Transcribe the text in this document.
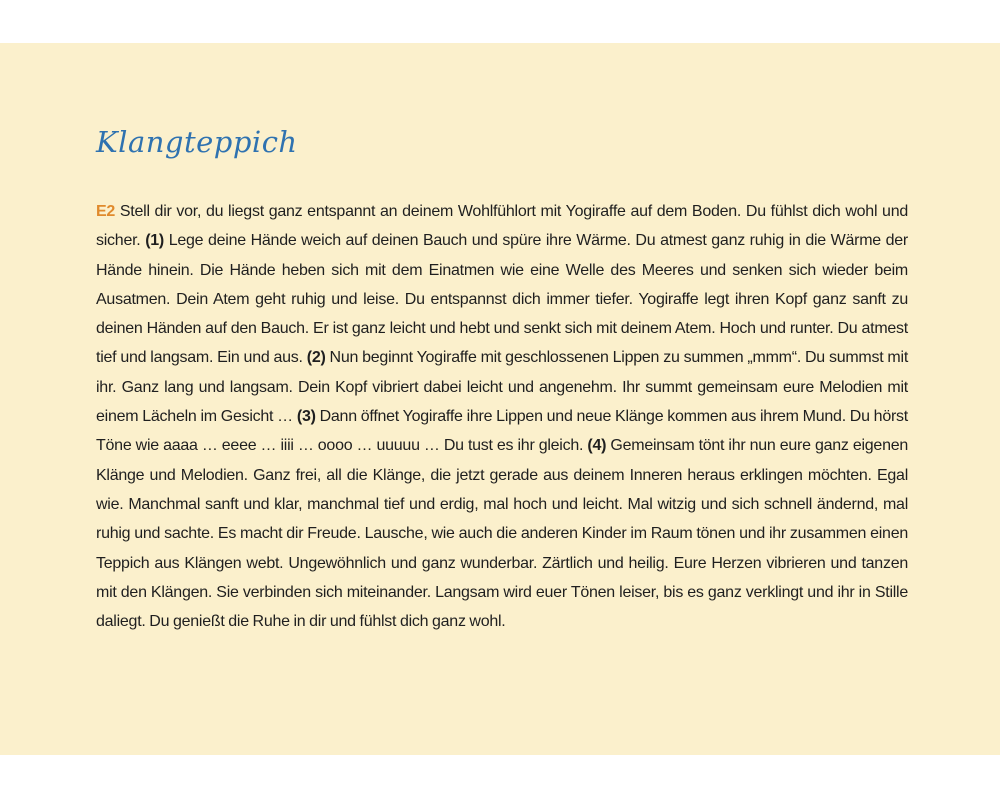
Klangteppich

E2 Stell dir vor, du liegst ganz entspannt an deinem Wohlfühlort mit Yogiraffe auf dem Boden. Du fühlst dich wohl und sicher. (1) Lege deine Hände weich auf deinen Bauch und spüre ihre Wärme. Du atmest ganz ruhig in die Wärme der Hände hinein. Die Hände heben sich mit dem Einatmen wie eine Welle des Meeres und senken sich wieder beim Ausatmen. Dein Atem geht ruhig und leise. Du entspannst dich immer tiefer. Yogiraffe legt ihren Kopf ganz sanft zu deinen Händen auf den Bauch. Er ist ganz leicht und hebt und senkt sich mit deinem Atem. Hoch und runter. Du atmest tief und langsam. Ein und aus. (2) Nun beginnt Yogiraffe mit geschlossenen Lippen zu summen „mmm“. Du summst mit ihr. Ganz lang und langsam. Dein Kopf vibriert dabei leicht und angenehm. Ihr summt gemeinsam eure Melodien mit einem Lächeln im Gesicht … (3) Dann öffnet Yogiraffe ihre Lippen und neue Klänge kommen aus ihrem Mund. Du hörst Töne wie aaaa … eeee … iiii … oooo … uuuuu … Du tust es ihr gleich. (4) Gemeinsam tönt ihr nun eure ganz eigenen Klänge und Melodien. Ganz frei, all die Klänge, die jetzt gerade aus deinem Inneren heraus erklingen möchten. Egal wie. Manchmal sanft und klar, manchmal tief und erdig, mal hoch und leicht. Mal witzig und sich schnell ändernd, mal ruhig und sachte. Es macht dir Freude. Lausche, wie auch die anderen Kinder im Raum tönen und ihr zusammen einen Teppich aus Klängen webt. Ungewöhnlich und ganz wunderbar. Zärtlich und heilig. Eure Herzen vibrieren und tanzen mit den Klängen. Sie verbinden sich miteinander. Langsam wird euer Tönen leiser, bis es ganz verklingt und ihr in Stille daliegt. Du genießt die Ruhe in dir und fühlst dich ganz wohl.
